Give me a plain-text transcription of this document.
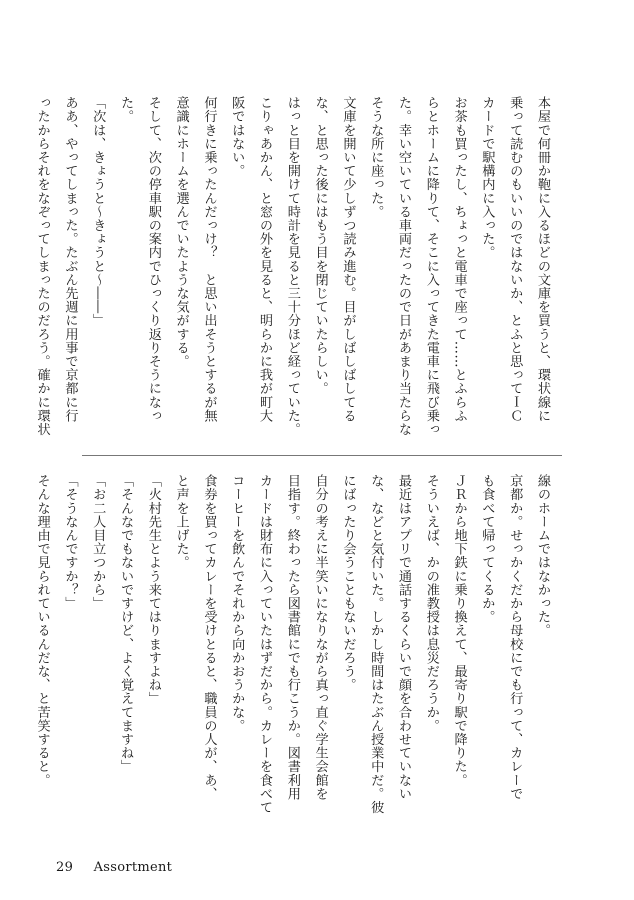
本屋で何冊か鞄に入るほどの文庫を買うと、環状線に

乗って読むのもいいのではないか、とふと思ってＩＣ

カードで駅構内に入った。

お茶も買ったし、ちょっと電車で座って……とふらふ

らとホームに降りて、そこに入ってきた電車に飛び乗っ

た。幸い空いている車両だったので日があまり当たらな

そうな所に座った。

文庫を開いて少しずつ読み進む。目がしばしばしてる

な、と思った後にはもう目を閉じていたらしい。

はっと目を開けて時計を見ると三十分ほど経っていた。

こりゃあかん、と窓の外を見ると、明らかに我が町大

阪ではない。

何行きに乗ったんだっけ？　と思い出そうとするが無

意識にホームを選んでいたような気がする。

そして、次の停車駅の案内でひっくり返りそうになっ

た。

「次は、きょうと～きょうと～――」

ああ、やってしまった。たぶん先週に用事で京都に行

ったからそれをなぞってしまったのだろう。確かに環状

線のホームではなかった。

京都か。せっかくだから母校にでも行って、カレーで

も食べて帰ってくるか。

ＪＲから地下鉄に乗り換えて、最寄り駅で降りた。

そういえば、かの准教授は息災だろうか。

最近はアプリで通話するくらいで顔を合わせていない

な、などと気付いた。しかし時間はたぶん授業中だ。彼

にばったり会うこともないだろう。

自分の考えに半笑いになりながら真っ直ぐ学生会館を

目指す。終わったら図書館にでも行こうか。図書利用

カードは財布に入っていたはずだから。カレーを食べて

コーヒーを飲んでそれから向かおうかな。

食券を買ってカレーを受けとると、職員の人が、あ、

と声を上げた。

「火村先生とよう来てはりますよね」

「そんなでもないですけど、よく覚えてますね」

「お二人目立つから」

「そうなんですか？」

そんな理由で見られているんだな、と苦笑すると。

29 Assortment
